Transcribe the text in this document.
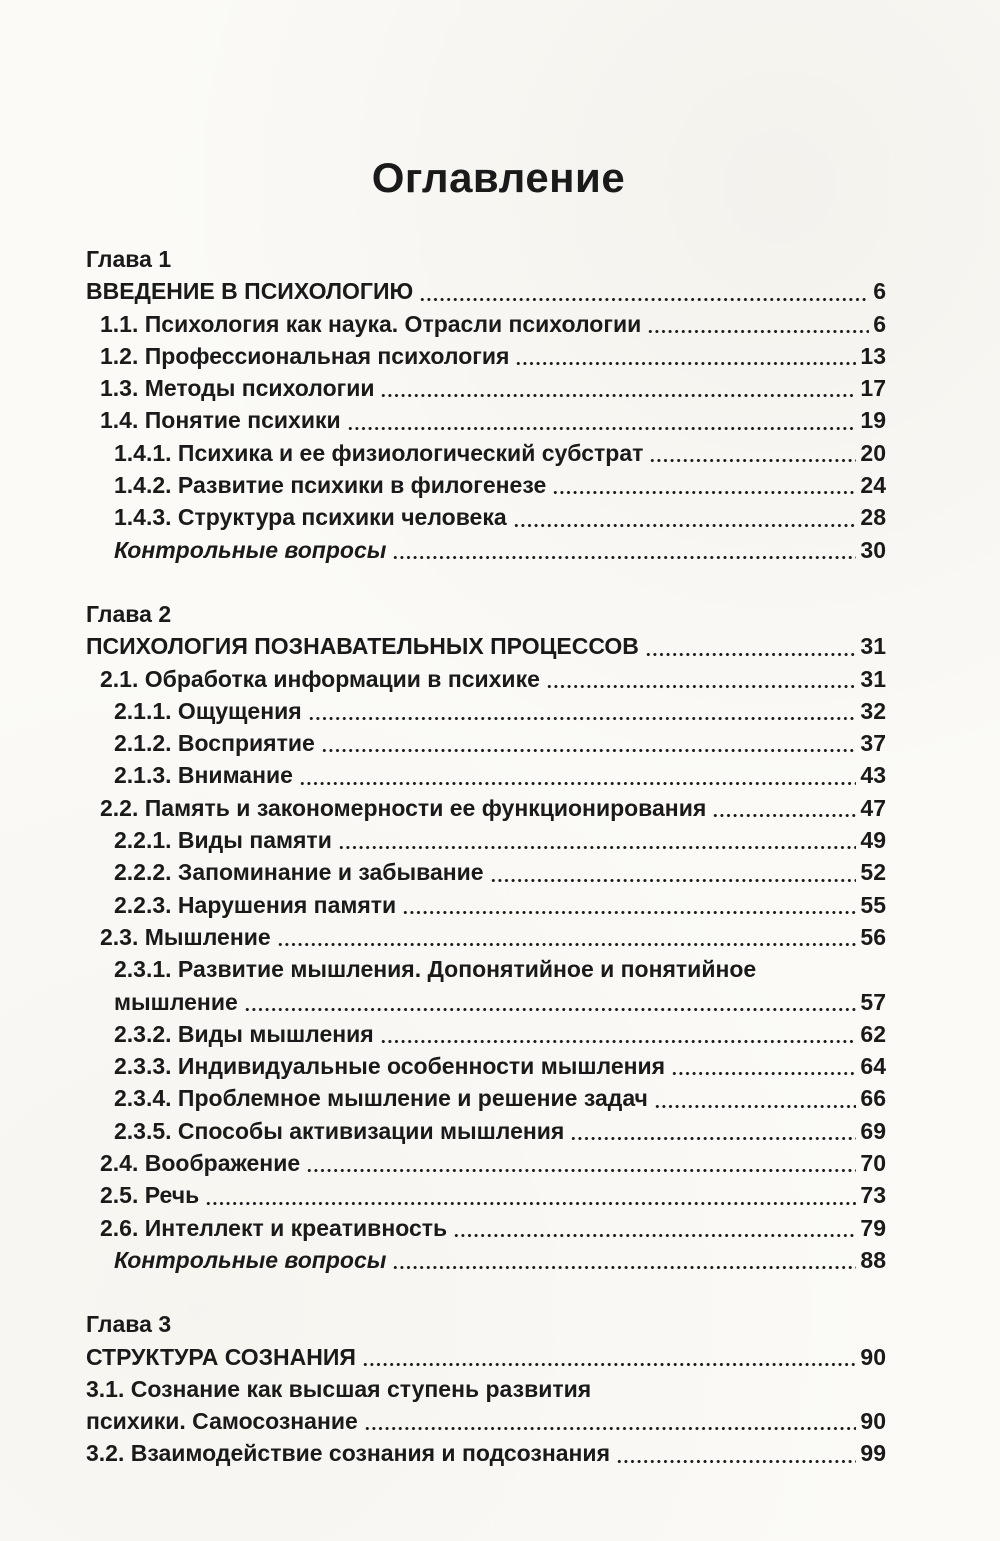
Оглавление
Глава 1
ВВЕДЕНИЕ В ПСИХОЛОГИЮ	6
1.1. Психология как наука. Отрасли психологии	6
1.2. Профессиональная психология	13
1.3. Методы психологии	17
1.4. Понятие психики	19
1.4.1. Психика и ее физиологический субстрат	20
1.4.2. Развитие психики в филогенезе	24
1.4.3. Структура психики человека	28
Контрольные вопросы	30
Глава 2
ПСИХОЛОГИЯ ПОЗНАВАТЕЛЬНЫХ ПРОЦЕССОВ	31
2.1. Обработка информации в психике	31
2.1.1. Ощущения	32
2.1.2. Восприятие	37
2.1.3. Внимание	43
2.2. Память и закономерности ее функционирования	47
2.2.1. Виды памяти	49
2.2.2. Запоминание и забывание	52
2.2.3. Нарушения памяти	55
2.3. Мышление	56
2.3.1. Развитие мышления. Допонятийное и понятийное
мышление	57
2.3.2. Виды мышления	62
2.3.3. Индивидуальные особенности мышления	64
2.3.4. Проблемное мышление и решение задач	66
2.3.5. Способы активизации мышления	69
2.4. Воображение	70
2.5. Речь	73
2.6. Интеллект и креативность	79
Контрольные вопросы	88
Глава 3
СТРУКТУРА СОЗНАНИЯ	90
3.1. Сознание как высшая ступень развития
психики. Самосознание	90
3.2. Взаимодействие сознания и подсознания	99
